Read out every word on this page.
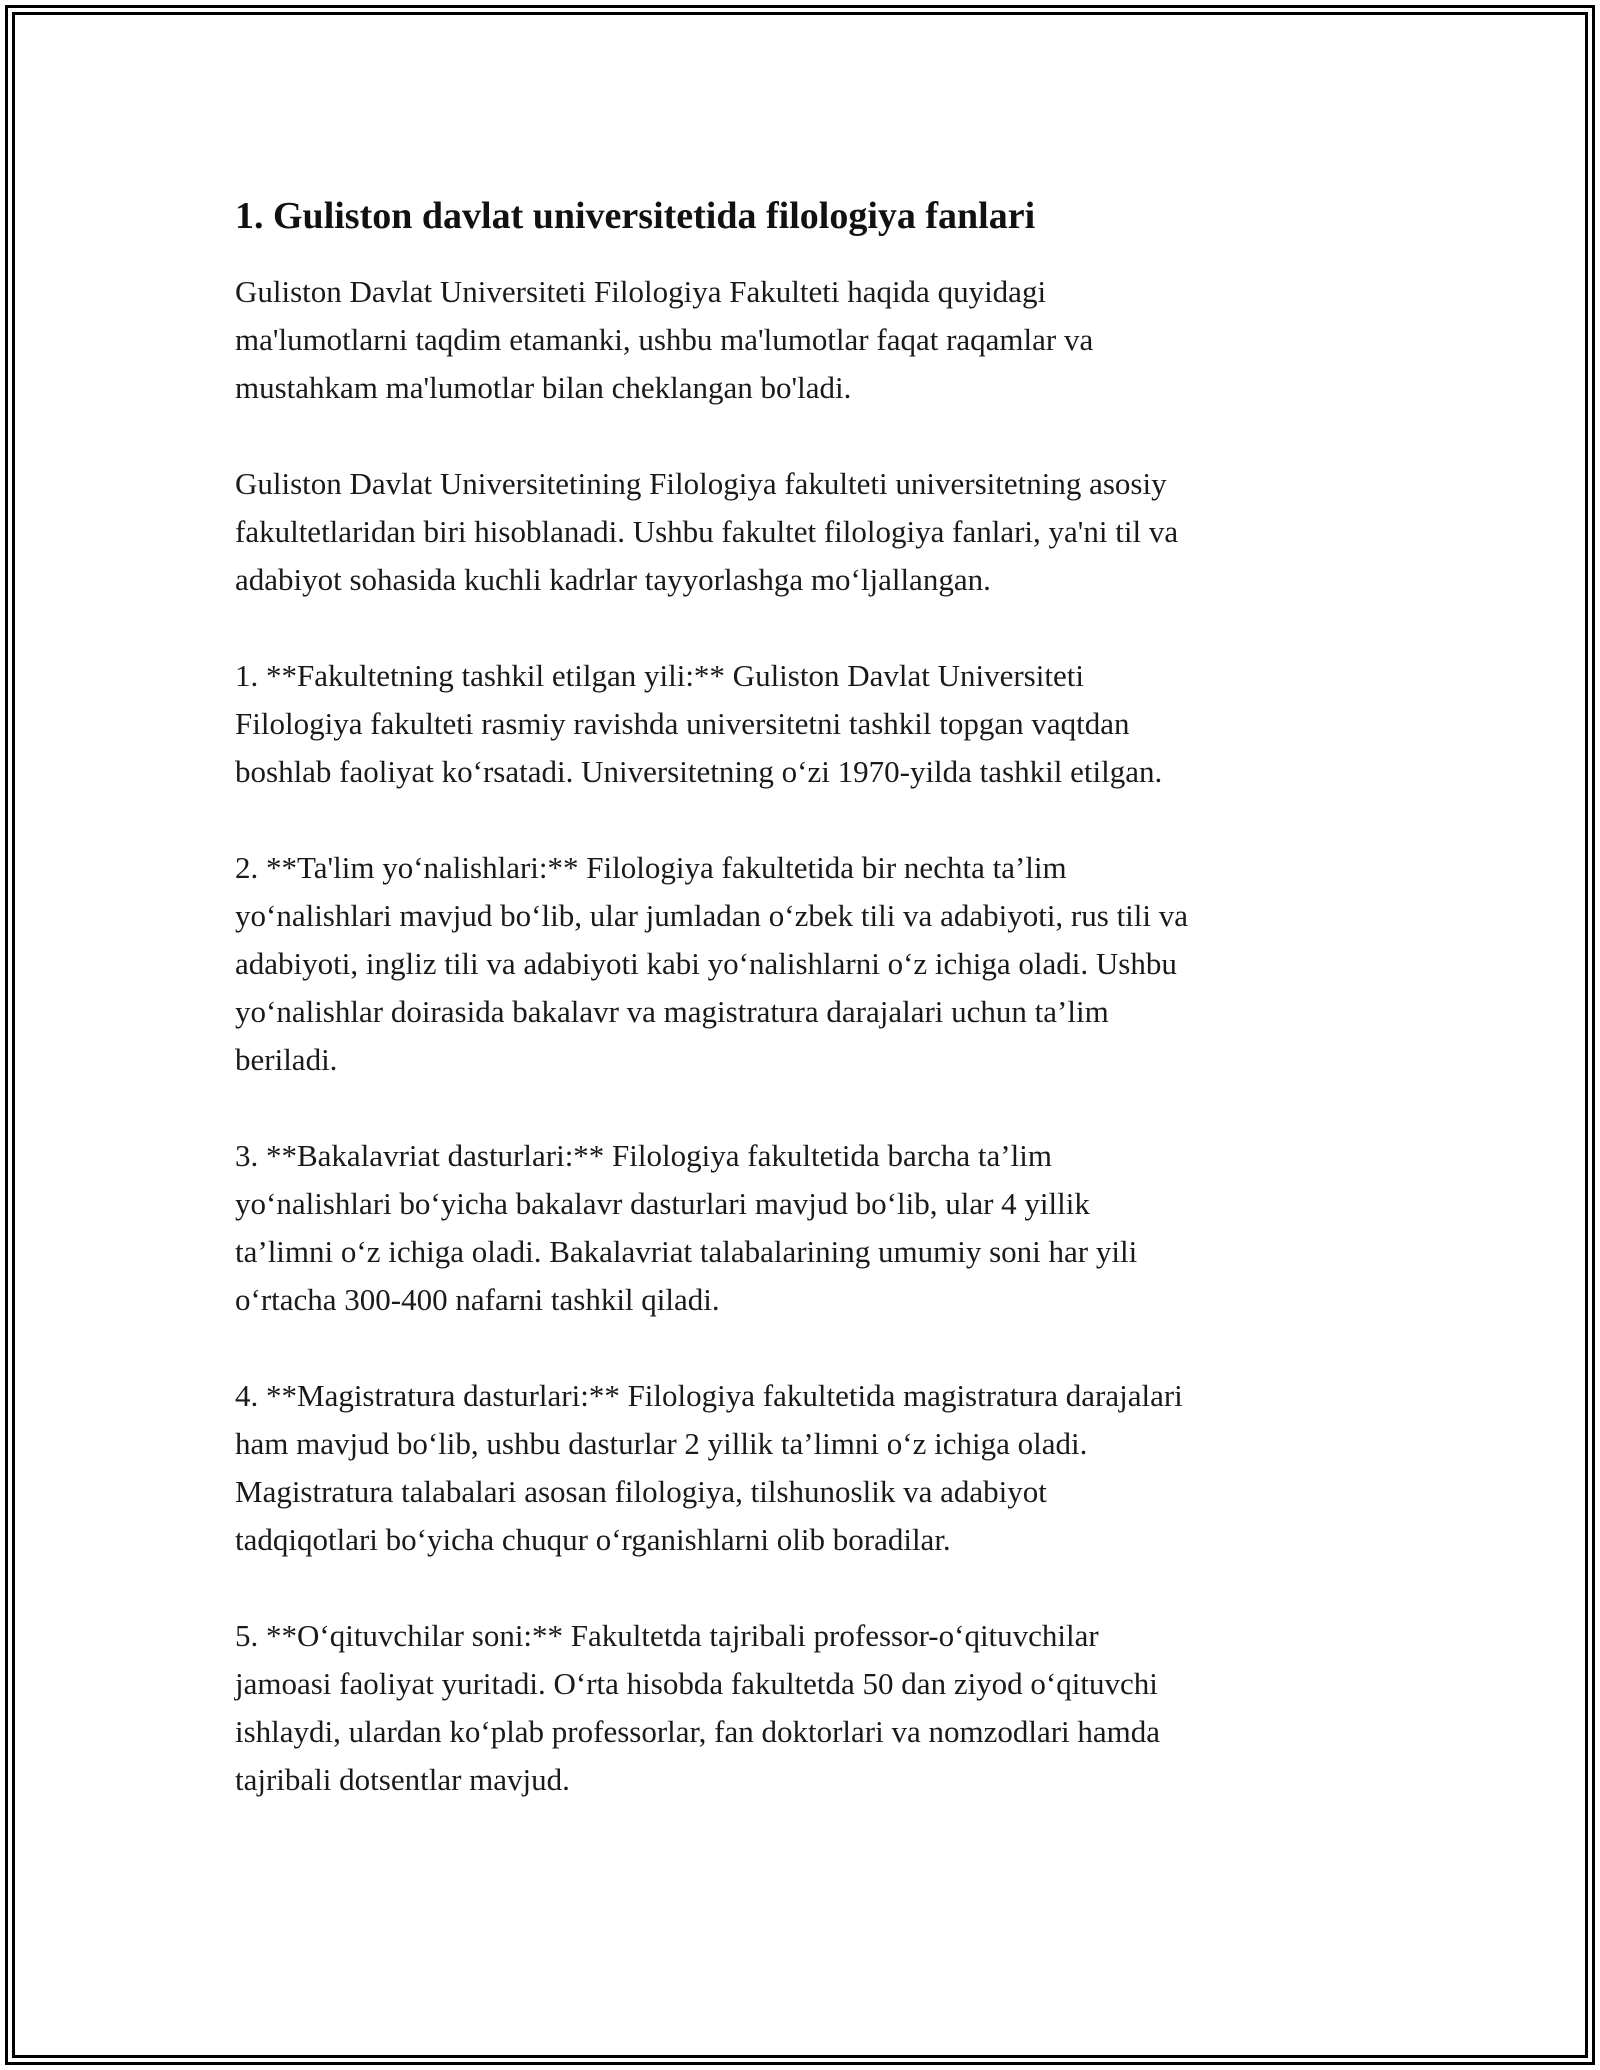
1. Guliston davlat universitetida filologiya fanlari

Guliston Davlat Universiteti Filologiya Fakulteti haqida quyidagi
ma'lumotlarni taqdim etamanki, ushbu ma'lumotlar faqat raqamlar va
mustahkam ma'lumotlar bilan cheklangan bo'ladi.

Guliston Davlat Universitetining Filologiya fakulteti universitetning asosiy
fakultetlaridan biri hisoblanadi. Ushbu fakultet filologiya fanlari, ya'ni til va
adabiyot sohasida kuchli kadrlar tayyorlashga mo‘ljallangan.

1. **Fakultetning tashkil etilgan yili:** Guliston Davlat Universiteti
Filologiya fakulteti rasmiy ravishda universitetni tashkil topgan vaqtdan
boshlab faoliyat ko‘rsatadi. Universitetning o‘zi 1970-yilda tashkil etilgan.

2. **Ta'lim yo‘nalishlari:** Filologiya fakultetida bir nechta ta’lim
yo‘nalishlari mavjud bo‘lib, ular jumladan o‘zbek tili va adabiyoti, rus tili va
adabiyoti, ingliz tili va adabiyoti kabi yo‘nalishlarni o‘z ichiga oladi. Ushbu
yo‘nalishlar doirasida bakalavr va magistratura darajalari uchun ta’lim
beriladi.

3. **Bakalavriat dasturlari:** Filologiya fakultetida barcha ta’lim
yo‘nalishlari bo‘yicha bakalavr dasturlari mavjud bo‘lib, ular 4 yillik
ta’limni o‘z ichiga oladi. Bakalavriat talabalarining umumiy soni har yili
o‘rtacha 300-400 nafarni tashkil qiladi.

4. **Magistratura dasturlari:** Filologiya fakultetida magistratura darajalari
ham mavjud bo‘lib, ushbu dasturlar 2 yillik ta’limni o‘z ichiga oladi.
Magistratura talabalari asosan filologiya, tilshunoslik va adabiyot
tadqiqotlari bo‘yicha chuqur o‘rganishlarni olib boradilar.

5. **O‘qituvchilar soni:** Fakultetda tajribali professor-o‘qituvchilar
jamoasi faoliyat yuritadi. O‘rta hisobda fakultetda 50 dan ziyod o‘qituvchi
ishlaydi, ulardan ko‘plab professorlar, fan doktorlari va nomzodlari hamda
tajribali dotsentlar mavjud.
